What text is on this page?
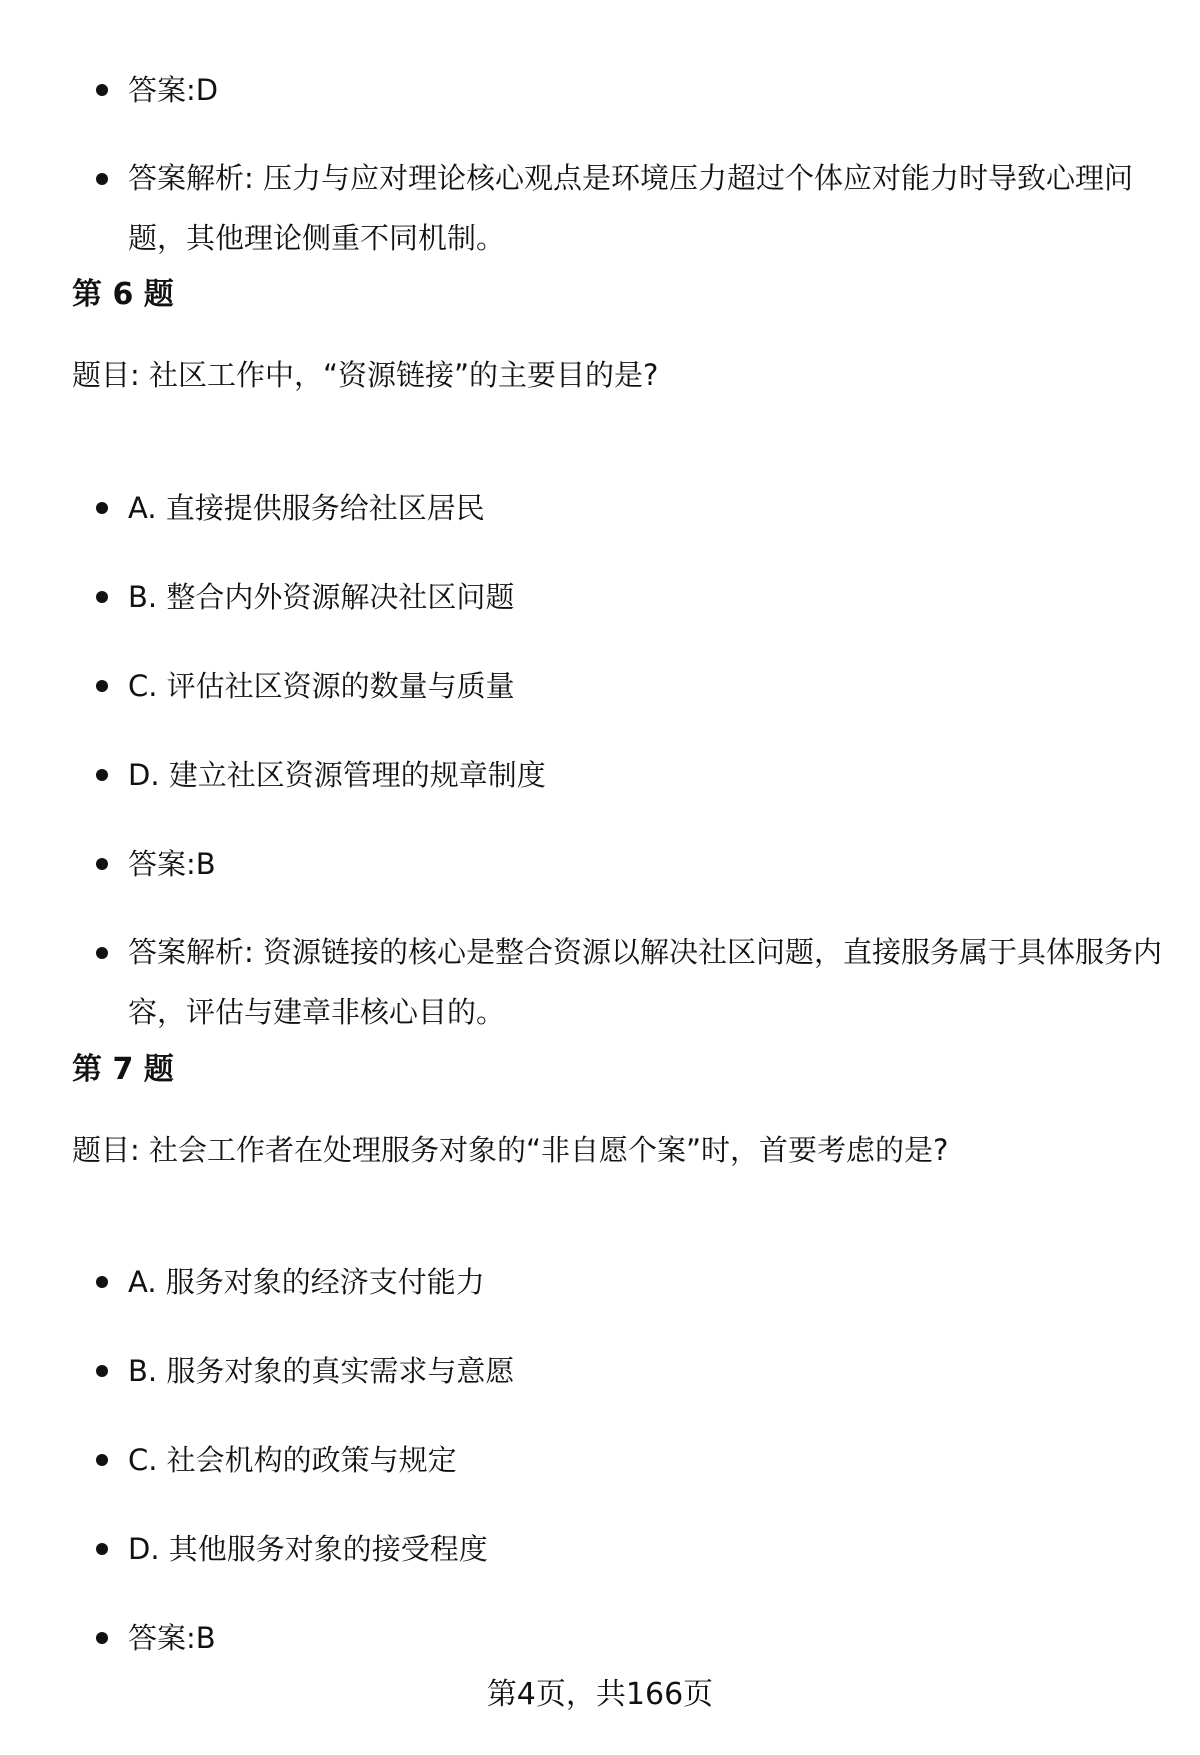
答案:D
答案解析: 压力与应对理论核心观点是环境压力超过个体应对能力时导致心理问题，其他理论侧重不同机制。
第 6 题
题目: 社区工作中，“资源链接”的主要目的是?
A. 直接提供服务给社区居民
B. 整合内外资源解决社区问题
C. 评估社区资源的数量与质量
D. 建立社区资源管理的规章制度
答案:B
答案解析: 资源链接的核心是整合资源以解决社区问题，直接服务属于具体服务内容，评估与建章非核心目的。
第 7 题
题目: 社会工作者在处理服务对象的“非自愿个案”时，首要考虑的是?
A. 服务对象的经济支付能力
B. 服务对象的真实需求与意愿
C. 社会机构的政策与规定
D. 其他服务对象的接受程度
答案:B
第4页，共166页
